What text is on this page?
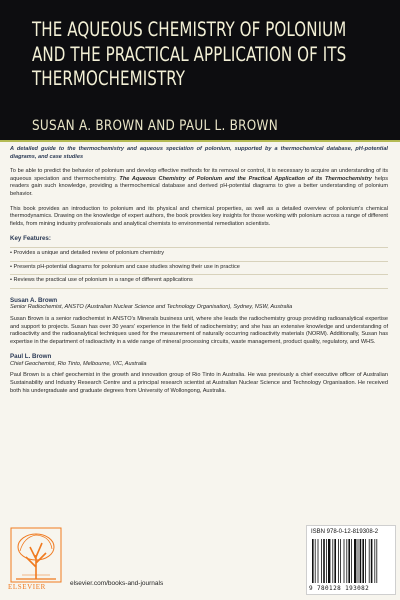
THE AQUEOUS CHEMISTRY OF POLONIUM AND THE PRACTICAL APPLICATION OF ITS THERMOCHEMISTRY
SUSAN A. BROWN AND PAUL L. BROWN

A detailed guide to the thermochemistry and aqueous speciation of polonium, supported by a thermochemical database, pH-potential diagrams, and case studies

To be able to predict the behavior of polonium and develop effective methods for its removal or control, it is necessary to acquire an understanding of its aqueous speciation and thermochemistry. The Aqueous Chemistry of Polonium and the Practical Application of its Thermochemistry helps readers gain such knowledge, providing a thermochemical database and derived pH-potential diagrams to give a better understanding of polonium behavior.

This book provides an introduction to polonium and its physical and chemical properties, as well as a detailed overview of polonium's chemical thermodynamics. Drawing on the knowledge of expert authors, the book provides key insights for those working with polonium across a range of different fields, from mining industry professionals and analytical chemists to environmental remediation scientists.

Key Features:
• Provides a unique and detailed review of polonium chemistry
• Presents pH-potential diagrams for polonium and case studies showing their use in practice
• Reviews the practical use of polonium in a range of different applications
Susan A. Brown
Senior Radiochemist, ANSTO (Australian Nuclear Science and Technology Organisation), Sydney, NSW, Australia

Susan Brown is a senior radiochemist in ANSTO's Minerals business unit, where she leads the radiochemistry group providing radioanalytical expertise and support to projects. Susan has over 30 years' experience in the field of radiochemistry; and she has an extensive knowledge and understanding of radioactivity and the radioanalytical techniques used for the measurement of naturally occurring radioactivity materials (NORM). Additionally, Susan has expertise in the department of radioactivity in a wide range of mineral processing circuits, waste management, product quality, regulatory, and WHS.

Paul L. Brown
Chief Geochemist, Rio Tinto, Melbourne, VIC, Australia

Paul Brown is a chief geochemist in the growth and innovation group of Rio Tinto in Australia. He was previously a chief executive officer of Australian Sustainability and Industry Research Centre and a principal research scientist at Australian Nuclear Science and Technology Organisation. He received both his undergraduate and graduate degrees from University of Wollongong, Australia.

ELSEVIER	elsevier.com/books-and-journals
ISBN 978-0-12-819308-2
9 780128 193082
